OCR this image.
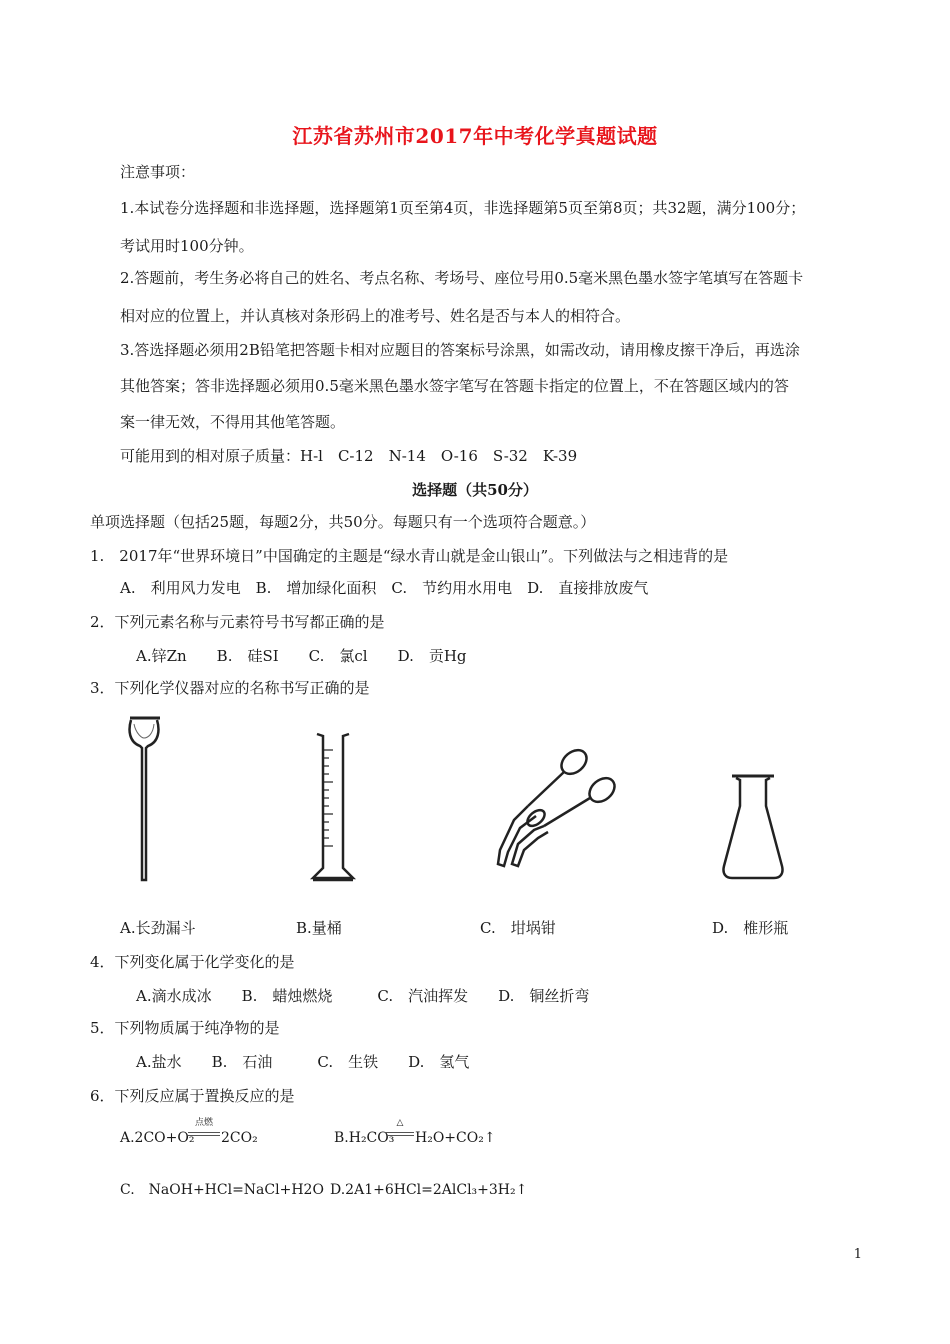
江苏省苏州市2017年中考化学真题试题
注意事项：
1.本试卷分选择题和非选择题，选择题第1页至第4页，非选择题第5页至第8页；共32题，满分100分；
考试用时100分钟。
2.答题前，考生务必将自己的姓名、考点名称、考场号、座位号用0.5毫米黑色墨水签字笔填写在答题卡
相对应的位置上，并认真核对条形码上的准考号、姓名是否与本人的相符合。
3.答选择题必须用2B铅笔把答题卡相对应题目的答案标号涂黑，如需改动，请用橡皮擦干净后，再选涂
其他答案；答非选择题必须用0.5毫米黑色墨水签字笔写在答题卡指定的位置上，不在答题区域内的答
案一律无效，不得用其他笔答题。
可能用到的相对原子质量：H-l　C-12　N-14　O-16　S-32　K-39
选择题（共50分）
单项选择题（包括25题，每题2分，共50分。每题只有一个选项符合题意。）
1.　2017年“世界环境日”中国确定的主题是“绿水青山就是金山银山”。下列做法与之相违背的是
A.　利用风力发电　B.　增加绿化面积　C.　节约用水用电　D.　直接排放废气
2．下列元素名称与元素符号书写都正确的是
A.锌Zn　　B.　硅SI　　C.　氯cl　　D.　贡Hg
3．下列化学仪器对应的名称书写正确的是
A.长劲漏斗	B.量桶	C.　坩埚钳	D.　椎形瓶
4．下列变化属于化学变化的是
A.滴水成冰　　B.　蜡烛燃烧　　　C.　汽油挥发　　D.　铜丝折弯
5．下列物质属于纯净物的是
A.盐水　　B.　石油　　　C.　生铁　　D.　氢气
6．下列反应属于置换反应的是
A.2CO+O₂
点燃
2CO₂	B.H₂CO₃
△
H₂O+CO₂↑
C.　NaOH+HCl=NaCl+H2O D.2A1+6HCl=2AlCl₃+3H₂↑
1
